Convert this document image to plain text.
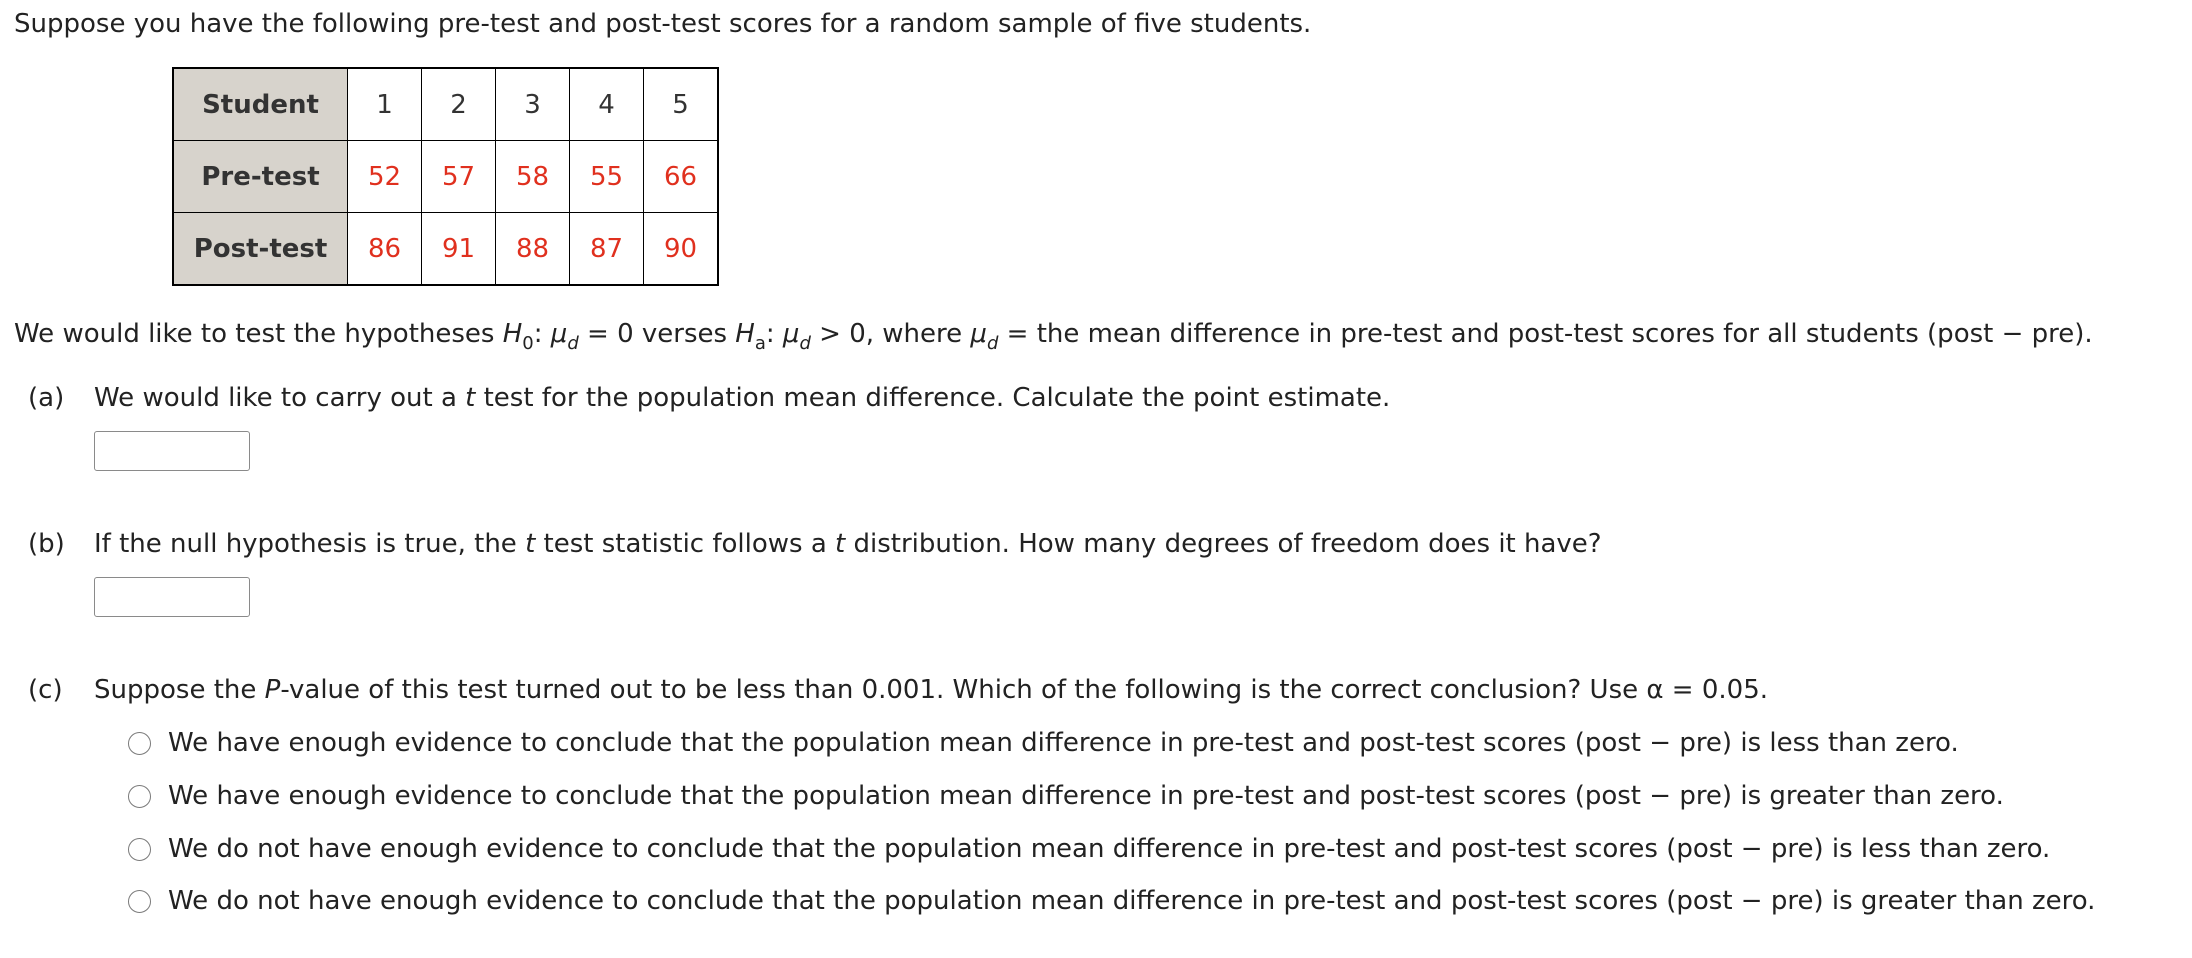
Suppose you have the following pre-test and post-test scores for a random sample of five students.
Student	1	2	3	4	5
Pre-test	52	57	58	55	66
Post-test	86	91	88	87	90
We would like to test the hypotheses $H_0$: $\mu_d = 0$ verses $H_a$: $\mu_d > 0$, where $\mu_d$ = the mean difference in pre-test and post-test scores for all students (post − pre).
(a) We would like to carry out a t test for the population mean difference. Calculate the point estimate.
(b) If the null hypothesis is true, the t test statistic follows a t distribution. How many degrees of freedom does it have?
(c) Suppose the P-value of this test turned out to be less than 0.001. Which of the following is the correct conclusion? Use α = 0.05.
We have enough evidence to conclude that the population mean difference in pre-test and post-test scores (post − pre) is less than zero.
We have enough evidence to conclude that the population mean difference in pre-test and post-test scores (post − pre) is greater than zero.
We do not have enough evidence to conclude that the population mean difference in pre-test and post-test scores (post − pre) is less than zero.
We do not have enough evidence to conclude that the population mean difference in pre-test and post-test scores (post − pre) is greater than zero.
